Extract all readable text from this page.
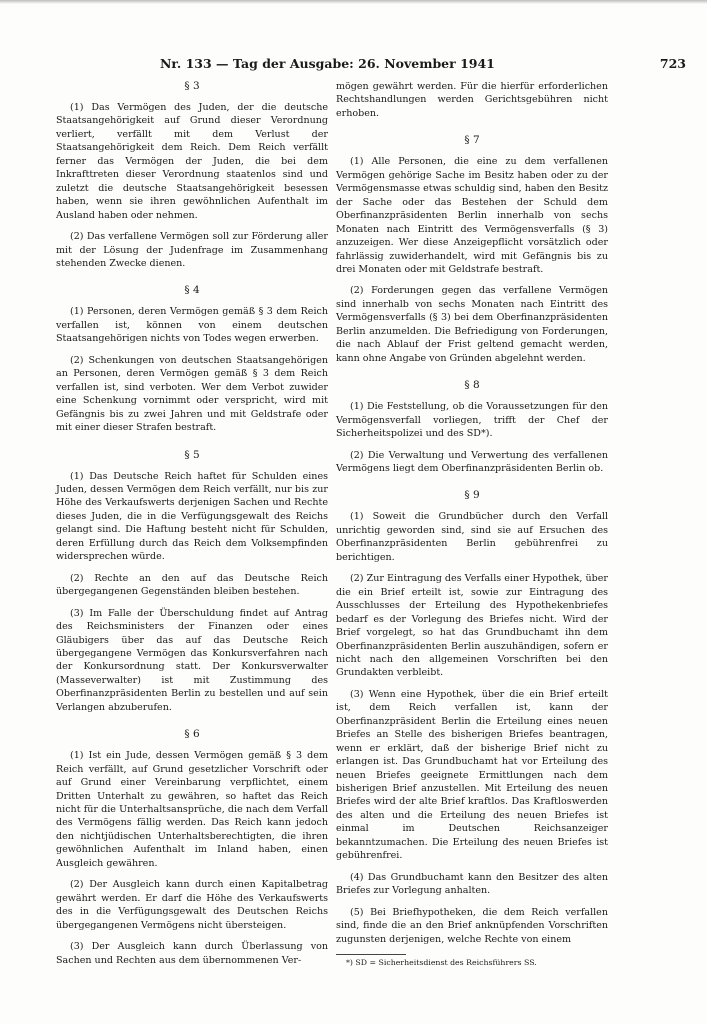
Nr. 133 — Tag der Ausgabe: 26. November 1941	723
§ 3

(1) Das Vermögen des Juden, der die deutsche Staatsangehörigkeit auf Grund dieser Verordnung verliert, verfällt mit dem Verlust der Staatsangehörigkeit dem Reich. Dem Reich verfällt ferner das Vermögen der Juden, die bei dem Inkrafttreten dieser Verordnung staatenlos sind und zuletzt die deutsche Staatsangehörigkeit besessen haben, wenn sie ihren gewöhnlichen Aufenthalt im Ausland haben oder nehmen.

(2) Das verfallene Vermögen soll zur Förderung aller mit der Lösung der Judenfrage im Zusammenhang stehenden Zwecke dienen.

§ 4

(1) Personen, deren Vermögen gemäß § 3 dem Reich verfallen ist, können von einem deutschen Staatsangehörigen nichts von Todes wegen erwerben.

(2) Schenkungen von deutschen Staatsangehörigen an Personen, deren Vermögen gemäß § 3 dem Reich verfallen ist, sind verboten. Wer dem Verbot zuwider eine Schenkung vornimmt oder verspricht, wird mit Gefängnis bis zu zwei Jahren und mit Geldstrafe oder mit einer dieser Strafen bestraft.

§ 5

(1) Das Deutsche Reich haftet für Schulden eines Juden, dessen Vermögen dem Reich verfällt, nur bis zur Höhe des Verkaufswerts derjenigen Sachen und Rechte dieses Juden, die in die Verfügungsgewalt des Reichs gelangt sind. Die Haftung besteht nicht für Schulden, deren Erfüllung durch das Reich dem Volksempfinden widersprechen würde.

(2) Rechte an den auf das Deutsche Reich übergegangenen Gegenständen bleiben bestehen.

(3) Im Falle der Überschuldung findet auf Antrag des Reichsministers der Finanzen oder eines Gläubigers über das auf das Deutsche Reich übergegangene Vermögen das Konkursverfahren nach der Konkursordnung statt. Der Konkursverwalter (Masseverwalter) ist mit Zustimmung des Oberfinanzpräsidenten Berlin zu bestellen und auf sein Verlangen abzuberufen.

§ 6

(1) Ist ein Jude, dessen Vermögen gemäß § 3 dem Reich verfällt, auf Grund gesetzlicher Vorschrift oder auf Grund einer Vereinbarung verpflichtet, einem Dritten Unterhalt zu gewähren, so haftet das Reich nicht für die Unterhaltsansprüche, die nach dem Verfall des Vermögens fällig werden. Das Reich kann jedoch den nichtjüdischen Unterhaltsberechtigten, die ihren gewöhnlichen Aufenthalt im Inland haben, einen Ausgleich gewähren.

(2) Der Ausgleich kann durch einen Kapitalbetrag gewährt werden. Er darf die Höhe des Verkaufswerts des in die Verfügungsgewalt des Deutschen Reichs übergegangenen Vermögens nicht übersteigen.

(3) Der Ausgleich kann durch Überlassung von Sachen und Rechten aus dem übernommenen Ver-

mögen gewährt werden. Für die hierfür erforderlichen Rechtshandlungen werden Gerichtsgebühren nicht erhoben.

§ 7

(1) Alle Personen, die eine zu dem verfallenen Vermögen gehörige Sache im Besitz haben oder zu der Vermögensmasse etwas schuldig sind, haben den Besitz der Sache oder das Bestehen der Schuld dem Oberfinanzpräsidenten Berlin innerhalb von sechs Monaten nach Eintritt des Vermögensverfalls (§ 3) anzuzeigen. Wer diese Anzeigepflicht vorsätzlich oder fahrlässig zuwiderhandelt, wird mit Gefängnis bis zu drei Monaten oder mit Geldstrafe bestraft.

(2) Forderungen gegen das verfallene Vermögen sind innerhalb von sechs Monaten nach Eintritt des Vermögensverfalls (§ 3) bei dem Oberfinanzpräsidenten Berlin anzumelden. Die Befriedigung von Forderungen, die nach Ablauf der Frist geltend gemacht werden, kann ohne Angabe von Gründen abgelehnt werden.

§ 8

(1) Die Feststellung, ob die Voraussetzungen für den Vermögensverfall vorliegen, trifft der Chef der Sicherheitspolizei und des SD*).

(2) Die Verwaltung und Verwertung des verfallenen Vermögens liegt dem Oberfinanzpräsidenten Berlin ob.

§ 9

(1) Soweit die Grundbücher durch den Verfall unrichtig geworden sind, sind sie auf Ersuchen des Oberfinanzpräsidenten Berlin gebührenfrei zu berichtigen.

(2) Zur Eintragung des Verfalls einer Hypothek, über die ein Brief erteilt ist, sowie zur Eintragung des Ausschlusses der Erteilung des Hypothekenbriefes bedarf es der Vorlegung des Briefes nicht. Wird der Brief vorgelegt, so hat das Grundbuchamt ihn dem Oberfinanzpräsidenten Berlin auszuhändigen, sofern er nicht nach den allgemeinen Vorschriften bei den Grundakten verbleibt.

(3) Wenn eine Hypothek, über die ein Brief erteilt ist, dem Reich verfallen ist, kann der Oberfinanzpräsident Berlin die Erteilung eines neuen Briefes an Stelle des bisherigen Briefes beantragen, wenn er erklärt, daß der bisherige Brief nicht zu erlangen ist. Das Grundbuchamt hat vor Erteilung des neuen Briefes geeignete Ermittlungen nach dem bisherigen Brief anzustellen. Mit Erteilung des neuen Briefes wird der alte Brief kraftlos. Das Kraftloswerden des alten und die Erteilung des neuen Briefes ist einmal im Deutschen Reichsanzeiger bekanntzumachen. Die Erteilung des neuen Briefes ist gebührenfrei.

(4) Das Grundbuchamt kann den Besitzer des alten Briefes zur Vorlegung anhalten.

(5) Bei Briefhypotheken, die dem Reich verfallen sind, finde die an den Brief anknüpfenden Vorschriften zugunsten derjenigen, welche Rechte von einem

*) SD = Sicherheitsdienst des Reichsführers SS.
